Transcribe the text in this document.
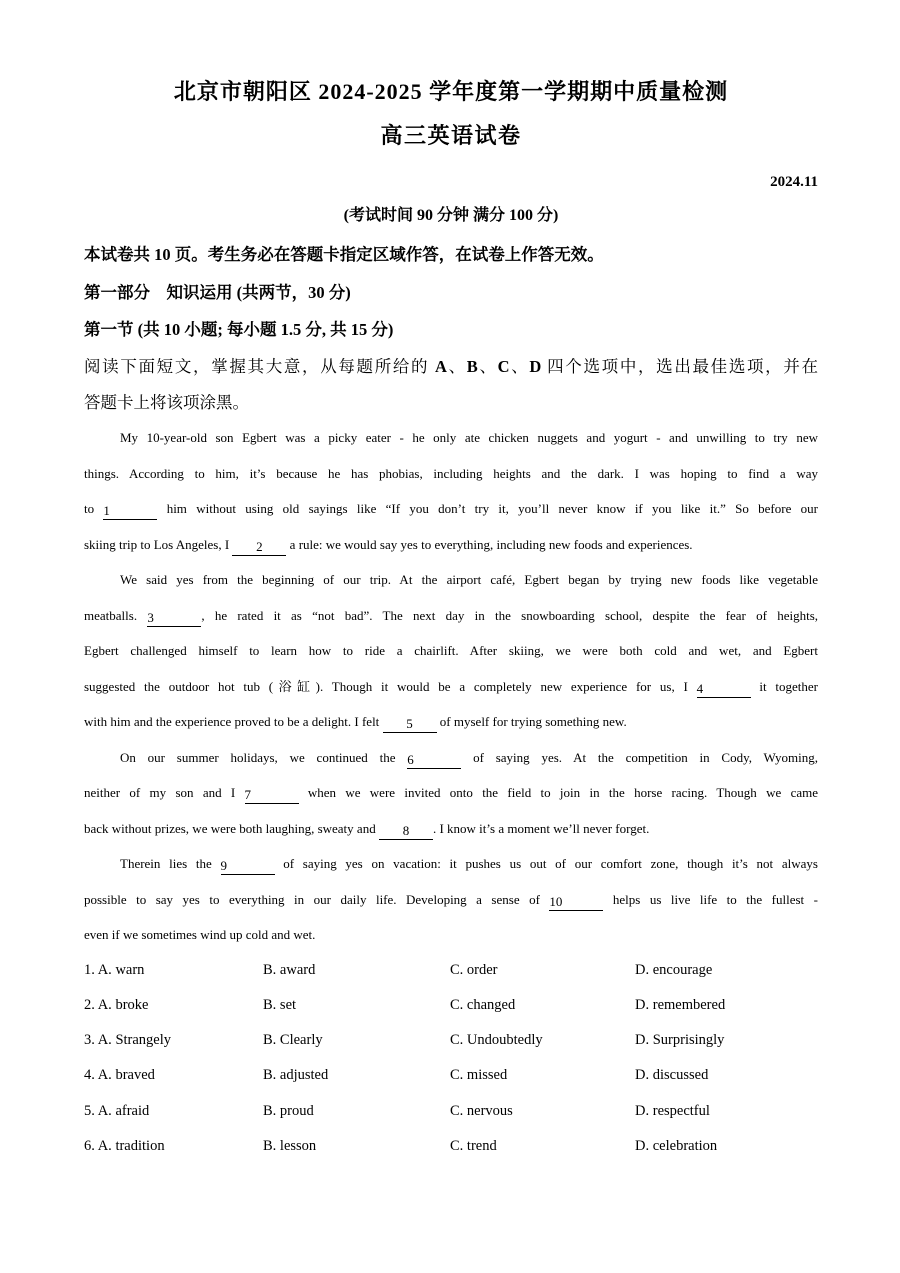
北京市朝阳区 2024-2025 学年度第一学期期中质量检测
高三英语试卷
2024.11
(考试时间 90 分钟 满分 100 分)
本试卷共 10 页。考生务必在答题卡指定区域作答，在试卷上作答无效。
第一部分　知识运用 (共两节，30 分)
第一节 (共 10 小题; 每小题 1.5 分, 共 15 分)
阅读下面短文，掌握其大意，从每题所给的 A、B、C、D 四个选项中，选出最佳选项，并在
答题卡上将该项涂黑。
My 10-year-old son Egbert was a picky eater - he only ate chicken nuggets and yogurt - and unwilling to try new
things. According to him, it’s because he has phobias, including heights and the dark. I was hoping to find a way
to 1	him without using old sayings like “If you don’t try it, you’ll never know if you like it.” So before our
skiing trip to Los Angeles, I 2 a rule: we would say yes to everything, including new foods and experiences.
We said yes from the beginning of our trip. At the airport café, Egbert began by trying new foods like vegetable
meatballs. 3	, he rated it as “not bad”. The next day in the snowboarding school, despite the fear of heights,
Egbert challenged himself to learn how to ride a chairlift. After skiing, we were both cold and wet, and Egbert
suggested the outdoor hot tub (浴缸). Though it would be a completely new experience for us, I 4	it together
with him and the experience proved to be a delight. I felt 5 of myself for trying something new.
On our summer holidays, we continued the 6	of saying yes. At the competition in Cody, Wyoming,
neither of my son and I 7	when we were invited onto the field to join in the horse racing. Though we came
back without prizes, we were both laughing, sweaty and 8 . I know it’s a moment we’ll never forget.
Therein lies the 9	of saying yes on vacation: it pushes us out of our comfort zone, though it’s not always
possible to say yes to everything in our daily life. Developing a sense of 10	helps us live life to the fullest -
even if we sometimes wind up cold and wet.
1. A. warn	B. award	C. order	D. encourage
2. A. broke	B. set	C. changed	D. remembered
3. A. Strangely	B. Clearly	C. Undoubtedly	D. Surprisingly
4. A. braved	B. adjusted	C. missed	D. discussed
5. A. afraid	B. proud	C. nervous	D. respectful
6. A. tradition	B. lesson	C. trend	D. celebration
